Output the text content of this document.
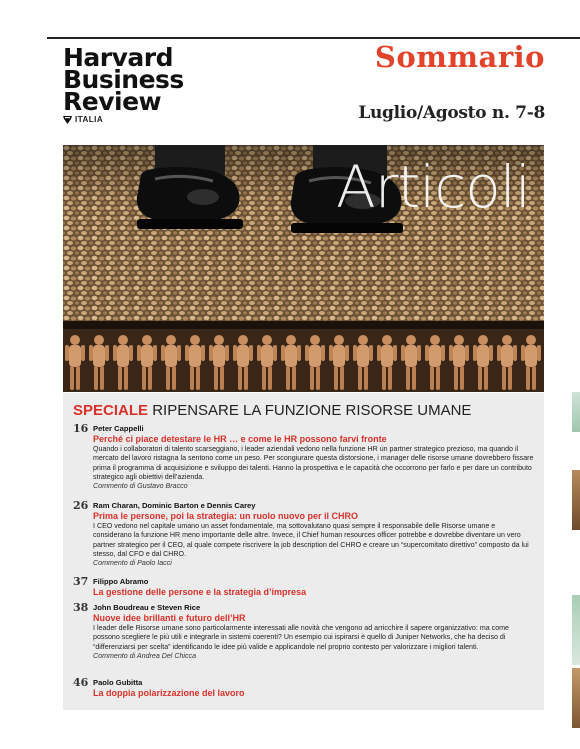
Harvard
Business
Review
ITALIA
Sommario
Luglio/Agosto n. 7-8
Articoli
SPECIALE RIPENSARE LA FUNZIONE RISORSE UMANE
16 Peter Cappelli
Perché ci piace detestare le HR … e come le HR possono farvi fronte
Quando i collaboratori di talento scarseggiano, i leader aziendali vedono nella funzione HR un partner strategico prezioso, ma quando il mercato del lavoro ristagna la sentono come un peso. Per scongiurare questa distorsione, i manager delle risorse umane dovrebbero fissare prima il programma di acquisizione e sviluppo dei talenti. Hanno la prospettiva e le capacità che occorrono per farlo e per dare un contributo strategico agli obiettivi dell’azienda.
Commento di Gustavo Bracco
26 Ram Charan, Dominic Barton e Dennis Carey
Prima le persone, poi la strategia: un ruolo nuovo per il CHRO
I CEO vedono nel capitale umano un asset fondamentale, ma sottovalutano quasi sempre il responsabile delle Risorse umane e considerano la funzione HR meno importante delle altre. Invece, il Chief human resources officer potrebbe e dovrebbe diventare un vero partner strategico per il CEO, al quale compete riscrivere la job description del CHRO e creare un “supercomitato direttivo” composto da lui stesso, dal CFO e dal CHRO.
Commento di Paolo Iacci
37 Filippo Abramo
La gestione delle persone e la strategia d’impresa
38 John Boudreau e Steven Rice
Nuove idee brillanti e futuro dell’HR
I leader delle Risorse umane sono particolarmente interessati alle novità che vengono ad arricchire il sapere organizzativo: ma come possono scegliere le più utili e integrarle in sistemi coerenti? Un esempio cui ispirarsi è quello di Juniper Networks, che ha deciso di “differenziarsi per scelta” identificando le idee più valide e applicandole nel proprio contesto per valorizzare i migliori talenti.
Commento di Andrea Del Chicca
46 Paolo Gubitta
La doppia polarizzazione del lavoro
